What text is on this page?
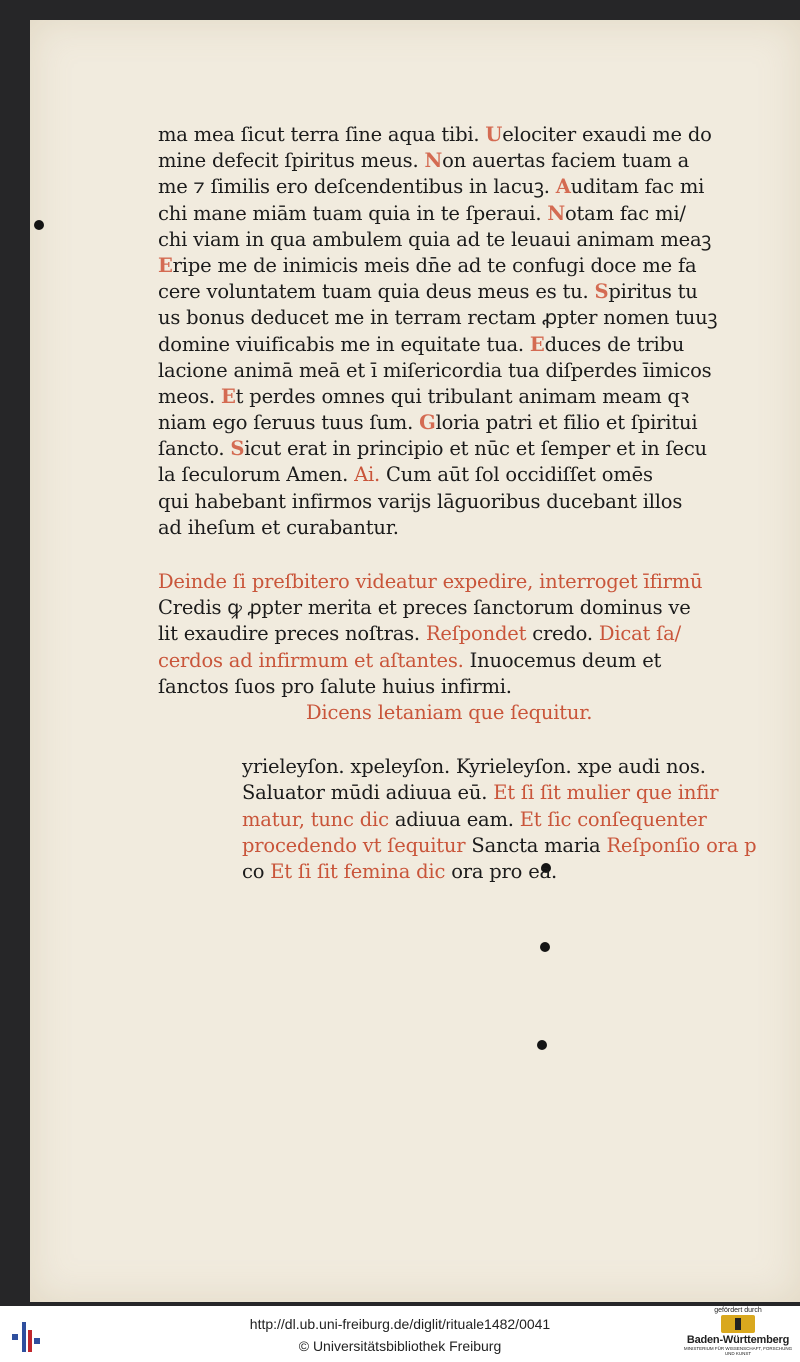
ma mea ſicut terra ſine aqua tibi. Uelociter exaudi me do
mine defecit ſpiritus meus. Non auertas faciem tuam a
me ⁊ ſimilis ero deſcendentibus in lacuꝫ. Auditam fac mi
chi mane miām tuam quia in te ſperaui. Notam fac mi/
chi viam in qua ambulem quia ad te leuaui animam meaꝫ
Eripe me de inimicis meis dn̄e ad te confugi doce me fa
cere voluntatem tuam quia deus meus es tu. Spiritus tu
us bonus deducet me in terram rectam ꝓpter nomen tuuꝫ
domine viuificabis me in equitate tua. Educes de tribu
lacione animā meā et ī miſericordia tua diſperdes īimicos
meos. Et perdes omnes qui tribulant animam meam qꝛ
niam ego ſeruus tuus ſum. Gloria patri et filio et ſpiritui
ſancto. Sicut erat in principio et nūc et ſemper et in ſecu
la ſeculorum Amen. Ai. Cum aūt ſol occidiſſet omēs
qui habebant infirmos varijs lāguoribus ducebant illos
ad iheſum et curabantur.
Deinde ſi preſbitero videatur expedire, interroget īfirmū
Credis ꝙ ꝓpter merita et preces ſanctorum dominus ve
lit exaudire preces noſtras. Reſpondet credo. Dicat ſa/
cerdos ad infirmum et aſtantes. Inuocemus deum et
ſanctos ſuos pro ſalute huius infirmi.
Dicens letaniam que ſequitur.
yrieleyſon. xpeleyſon. Kyrieleyſon. xpe audi nos.
Saluator mūdi adiuua eū. Et ſi ſit mulier que infir
matur, tunc dic adiuua eam. Et ſic conſequenter
procedendo vt ſequitur Sancta maria Reſponſio ora p
co Et ſi ſit femina dic ora pro ea.
http://dl.ub.uni-freiburg.de/diglit/rituale1482/0041
© Universitätsbibliothek Freiburg
gefördert durch
Baden-Württemberg
MINISTERIUM FÜR WISSENSCHAFT, FORSCHUNG UND KUNST
